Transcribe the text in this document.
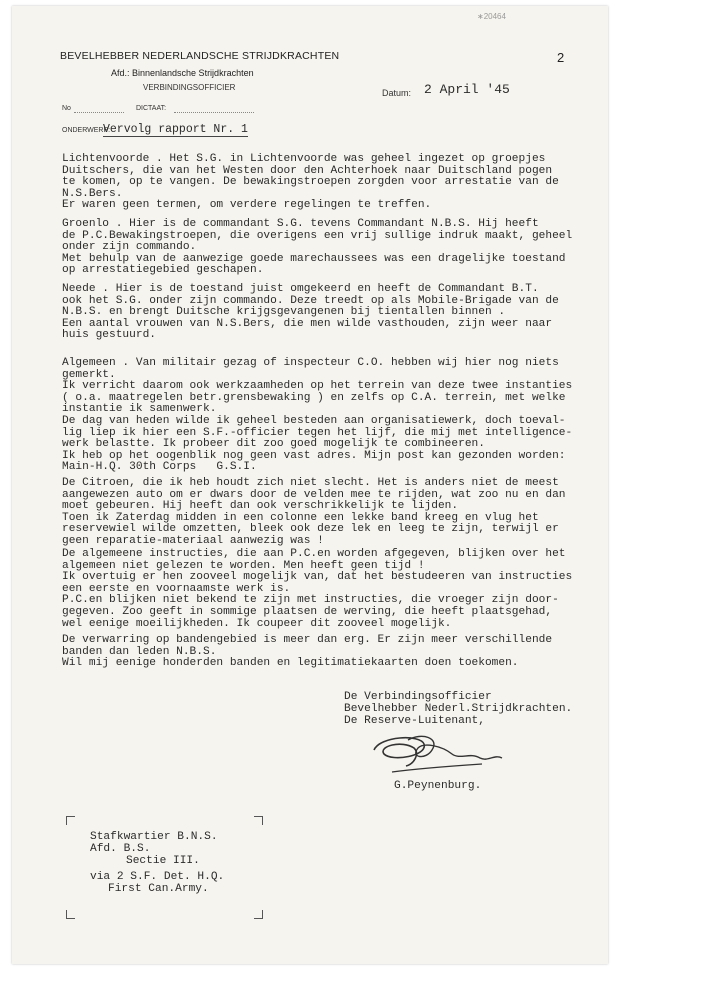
∗20464
BEVELHEBBER NEDERLANDSCHE STRIJDKRACHTEN
Afd.: Binnenlandsche Strijdkrachten
VERBINDINGSOFFICIER
2
Datum: 2 April '45
No	DICTAAT:
ONDERWERP:
Vervolg rapport Nr. 1
Lichtenvoorde . Het S.G. in Lichtenvoorde was geheel ingezet op groepjes
Duitschers, die van het Westen door den Achterhoek naar Duitschland pogen
te komen, op te vangen. De bewakingstroepen zorgden voor arrestatie van de
N.S.Bers.
Er waren geen termen, om verdere regelingen te treffen.
Groenlo . Hier is de commandant S.G. tevens Commandant N.B.S. Hij heeft
de P.C.Bewakingstroepen, die overigens een vrij sullige indruk maakt, geheel
onder zijn commando.
Met behulp van de aanwezige goede marechaussees was een dragelijke toestand
op arrestatiegebied geschapen.
Neede . Hier is de toestand juist omgekeerd en heeft de Commandant B.T.
ook het S.G. onder zijn commando. Deze treedt op als Mobile-Brigade van de
N.B.S. en brengt Duitsche krijgsgevangenen bij tientallen binnen .
Een aantal vrouwen van N.S.Bers, die men wilde vasthouden, zijn weer naar
huis gestuurd.
Algemeen . Van militair gezag of inspecteur C.O. hebben wij hier nog niets
gemerkt.
Ik verricht daarom ook werkzaamheden op het terrein van deze twee instanties
( o.a. maatregelen betr.grensbewaking ) en zelfs op C.A. terrein, met welke
instantie ik samenwerk.
De dag van heden wilde ik geheel besteden aan organisatiewerk, doch toeval-
lig liep ik hier een S.F.-officier tegen het lijf, die mij met intelligence-
werk belastte. Ik probeer dit zoo goed mogelijk te combineeren.
Ik heb op het oogenblik nog geen vast adres. Mijn post kan gezonden worden:
Main-H.Q. 30th Corps   G.S.I.
De Citroen, die ik heb houdt zich niet slecht. Het is anders niet de meest
aangewezen auto om er dwars door de velden mee te rijden, wat zoo nu en dan
moet gebeuren. Hij heeft dan ook verschrikkelijk te lijden.
Toen ik Zaterdag midden in een colonne een lekke band kreeg en vlug het
reservewiel wilde omzetten, bleek ook deze lek en leeg te zijn, terwijl er
geen reparatie-materiaal aanwezig was !
De algemeene instructies, die aan P.C.en worden afgegeven, blijken over het
algemeen niet gelezen te worden. Men heeft geen tijd !
Ik overtuig er hen zooveel mogelijk van, dat het bestudeeren van instructies
een eerste en voornaamste werk is.
P.C.en blijken niet bekend te zijn met instructies, die vroeger zijn door-
gegeven. Zoo geeft in sommige plaatsen de werving, die heeft plaatsgehad,
wel eenige moeilijkheden. Ik coupeer dit zooveel mogelijk.
De verwarring op bandengebied is meer dan erg. Er zijn meer verschillende
banden dan leden N.B.S.
Wil mij eenige honderden banden en legitimatiekaarten doen toekomen.
De Verbindingsofficier
Bevelhebber Nederl.Strijdkrachten.
De Reserve-Luitenant,
G.Peynenburg.
Stafkwartier B.N.S.
Afd. B.S.
Sectie III.
via 2 S.F. Det. H.Q.
First Can.Army.
